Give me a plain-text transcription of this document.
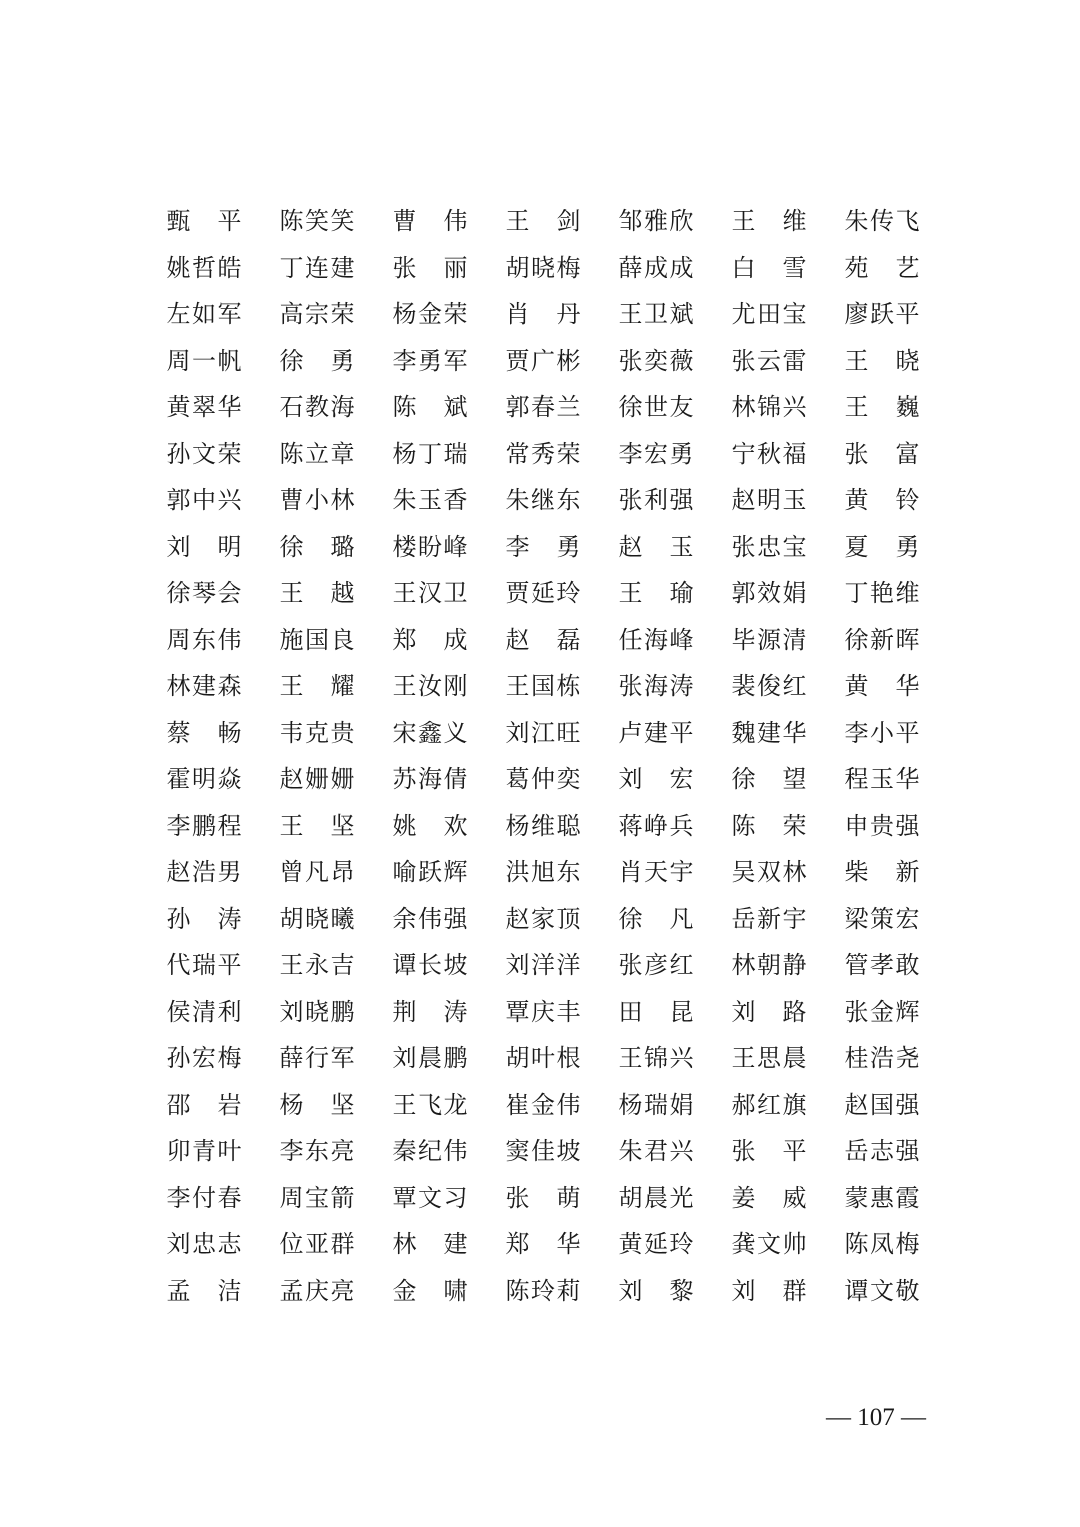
甄 平 陈 笑 笑 曹 伟 王 剑 邹 雅 欣 王 维 朱 传 飞
姚 哲 皓 丁 连 建 张 丽 胡 晓 梅 薛 成 成 白 雪 苑 艺
左 如 军 高 宗 荣 杨 金 荣 肖 丹 王 卫 斌 尤 田 宝 廖 跃 平
周 一 帆 徐 勇 李 勇 军 贾 广 彬 张 奕 薇 张 云 雷 王 晓
黄 翠 华 石 教 海 陈 斌 郭 春 兰 徐 世 友 林 锦 兴 王 巍
孙 文 荣 陈 立 章 杨 丁 瑞 常 秀 荣 李 宏 勇 宁 秋 福 张 富
郭 中 兴 曹 小 林 朱 玉 香 朱 继 东 张 利 强 赵 明 玉 黄 铃
刘 明 徐 璐 楼 盼 峰 李 勇 赵 玉 张 忠 宝 夏 勇
徐 琴 会 王 越 王 汉 卫 贾 延 玲 王 瑜 郭 效 娟 丁 艳 维
周 东 伟 施 国 良 郑 成 赵 磊 任 海 峰 毕 源 清 徐 新 晖
林 建 森 王 耀 王 汝 刚 王 国 栋 张 海 涛 裴 俊 红 黄 华
蔡 畅 韦 克 贵 宋 鑫 义 刘 江 旺 卢 建 平 魏 建 华 李 小 平
霍 明 焱 赵 姗 姗 苏 海 倩 葛 仲 奕 刘 宏 徐 望 程 玉 华
李 鹏 程 王 坚 姚 欢 杨 维 聪 蒋 峥 兵 陈 荣 申 贵 强
赵 浩 男 曾 凡 昂 喻 跃 辉 洪 旭 东 肖 天 宇 吴 双 林 柴 新
孙 涛 胡 晓 曦 余 伟 强 赵 家 顶 徐 凡 岳 新 宇 梁 策 宏
代 瑞 平 王 永 吉 谭 长 坡 刘 洋 洋 张 彦 红 林 朝 静 管 孝 敢
侯 清 利 刘 晓 鹏 荆 涛 覃 庆 丰 田 昆 刘 路 张 金 辉
孙 宏 梅 薛 行 军 刘 晨 鹏 胡 叶 根 王 锦 兴 王 思 晨 桂 浩 尧
邵 岩 杨 坚 王 飞 龙 崔 金 伟 杨 瑞 娟 郝 红 旗 赵 国 强
卯 青 叶 李 东 亮 秦 纪 伟 窦 佳 坡 朱 君 兴 张 平 岳 志 强
李 付 春 周 宝 箭 覃 文 习 张 萌 胡 晨 光 姜 威 蒙 惠 霞
刘 忠 志 位 亚 群 林 建 郑 华 黄 延 玲 龚 文 帅 陈 凤 梅
孟 洁 孟 庆 亮 金 啸 陈 玲 莉 刘 黎 刘 群 谭 文 敬
— 107 —
